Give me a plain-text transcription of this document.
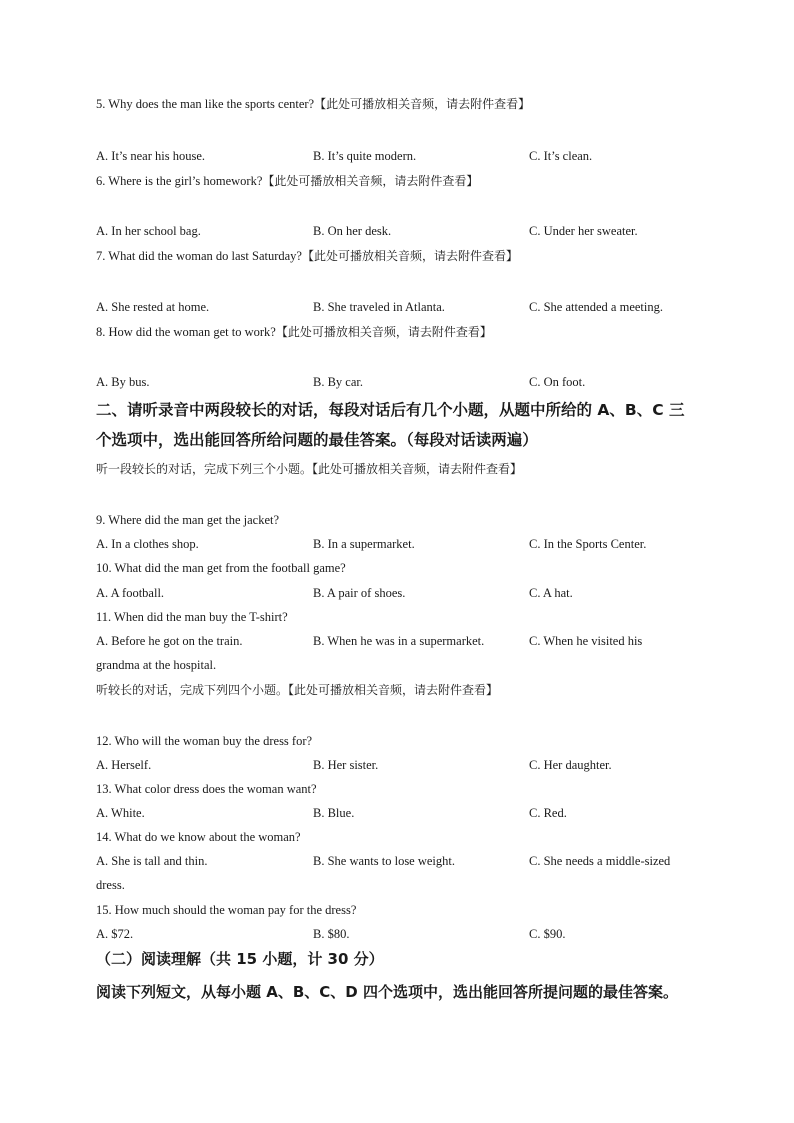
5. Why does the man like the sports center?【此处可播放相关音频，请去附件查看】
A. It’s near his house.	B. It’s quite modern.	C. It’s clean.
6. Where is the girl’s homework?【此处可播放相关音频，请去附件查看】
A. In her school bag.	B. On her desk.	C. Under her sweater.
7. What did the woman do last Saturday?【此处可播放相关音频，请去附件查看】
A. She rested at home.	B. She traveled in Atlanta.	C. She attended a meeting.
8. How did the woman get to work?【此处可播放相关音频，请去附件查看】
A. By bus.	B. By car.	C. On foot.
二、请听录音中两段较长的对话，每段对话后有几个小题，从题中所给的 A、B、C 三
个选项中，选出能回答所给问题的最佳答案。（每段对话读两遍）
听一段较长的对话，完成下列三个小题。【此处可播放相关音频，请去附件查看】
9. Where did the man get the jacket?
A. In a clothes shop.	B. In a supermarket.	C. In the Sports Center.
10. What did the man get from the football game?
A. A football.	B. A pair of shoes.	C. A hat.
11. When did the man buy the T-shirt?
A. Before he got on the train.	B. When he was in a supermarket.	C. When he visited his
grandma at the hospital.
听较长的对话，完成下列四个小题。【此处可播放相关音频，请去附件查看】
12. Who will the woman buy the dress for?
A. Herself.	B. Her sister.	C. Her daughter.
13. What color dress does the woman want?
A. White.	B. Blue.	C. Red.
14. What do we know about the woman?
A. She is tall and thin.	B. She wants to lose weight.	C. She needs a middle-sized
dress.
15. How much should the woman pay for the dress?
A. $72.	B. $80.	C. $90.
（二）阅读理解（共 15 小题，计 30 分）
阅读下列短文，从每小题 A、B、C、D 四个选项中，选出能回答所提问题的最佳答案。
